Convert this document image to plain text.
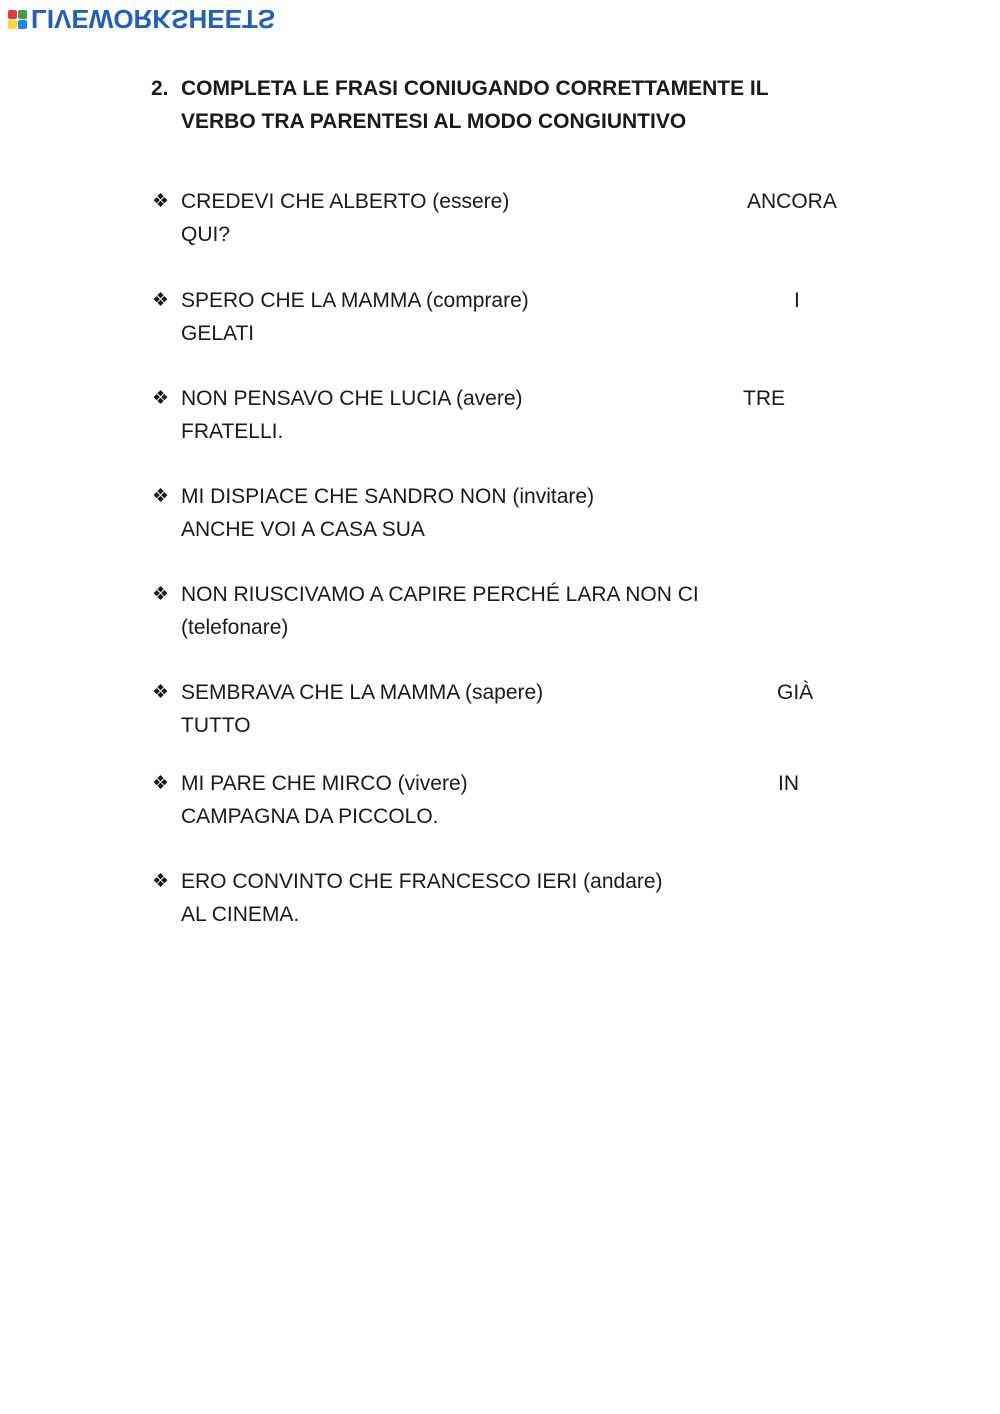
LIVEWORKSHEETS
2. COMPLETA LE FRASI CONIUGANDO CORRETTAMENTE IL
VERBO TRA PARENTESI AL MODO CONGIUNTIVO
❖ CREDEVI CHE ALBERTO (essere)	ANCORA
QUI?
❖ SPERO CHE LA MAMMA (comprare)	I
GELATI
❖ NON PENSAVO CHE LUCIA (avere)	TRE
FRATELLI.
❖ MI DISPIACE CHE SANDRO NON (invitare)
ANCHE VOI A CASA SUA
❖ NON RIUSCIVAMO A CAPIRE PERCHÉ LARA NON CI
(telefonare)
❖ SEMBRAVA CHE LA MAMMA (sapere)	GIÀ
TUTTO
❖ MI PARE CHE MIRCO (vivere)	IN
CAMPAGNA DA PICCOLO.
❖ ERO CONVINTO CHE FRANCESCO IERI (andare)
AL CINEMA.
